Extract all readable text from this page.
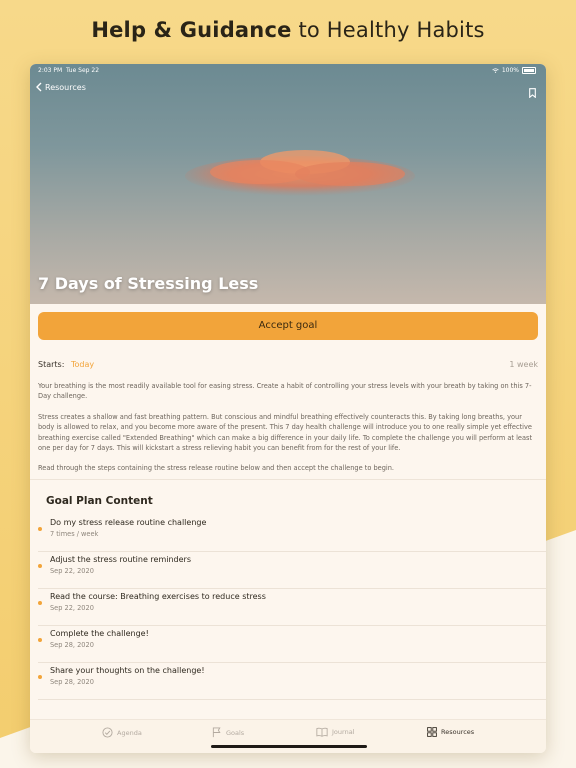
Help & Guidance to Healthy Habits
2:03 PM Tue Sep 22	100%
Resources
7 Days of Stressing Less
Accept goal
Starts: Today	1 week

Your breathing is the most readily available tool for easing stress. Create a habit of controlling your stress levels with your breath by taking on this 7-Day challenge.

Stress creates a shallow and fast breathing pattern. But conscious and mindful breathing effectively counteracts this. By taking long breaths, your body is allowed to relax, and you become more aware of the present. This 7 day health challenge will introduce you to one really simple yet effective breathing exercise called "Extended Breathing" which can make a big difference in your daily life. To complete the challenge you will perform at least one per day for 7 days. This will kickstart a stress relieving habit you can benefit from for the rest of your life.

Read through the steps containing the stress release routine below and then accept the challenge to begin.

Goal Plan Content
Do my stress release routine challenge
7 times / week
Adjust the stress routine reminders
Sep 22, 2020
Read the course: Breathing exercises to reduce stress
Sep 22, 2020
Complete the challenge!
Sep 28, 2020
Share your thoughts on the challenge!
Sep 28, 2020
Agenda	Goals	Journal	Resources
